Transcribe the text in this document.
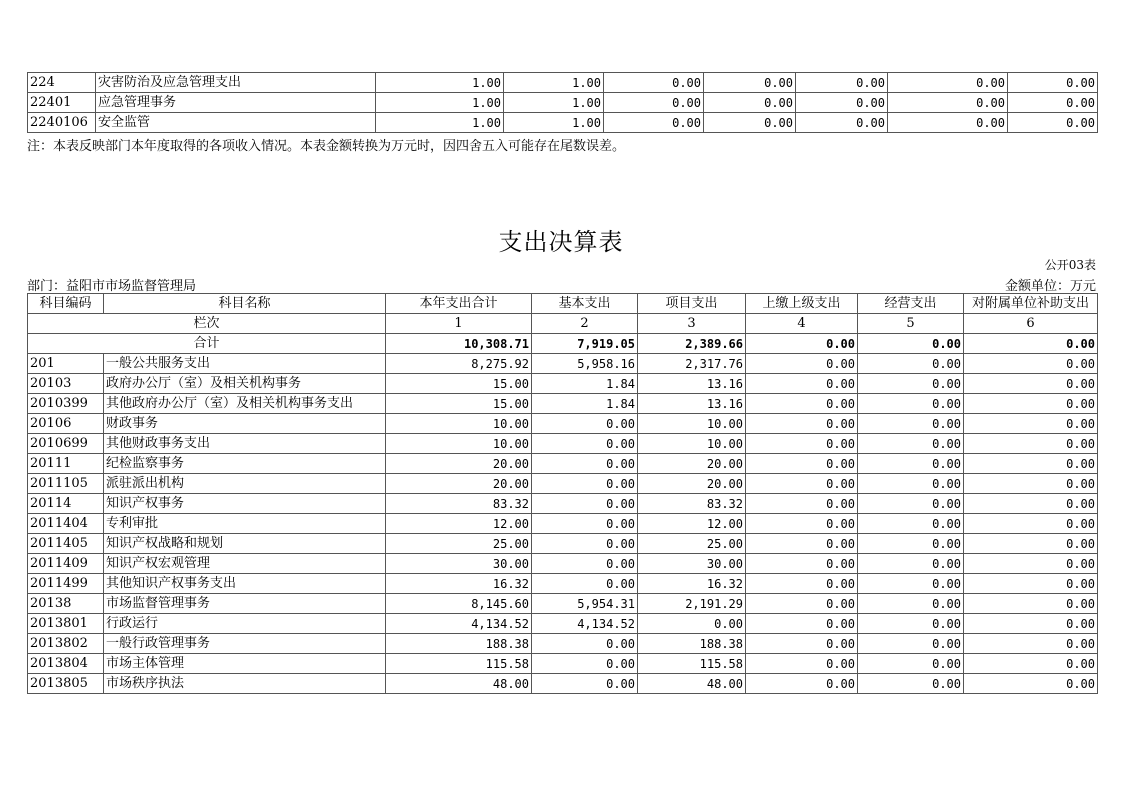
224	灾害防治及应急管理支出	1.00	1.00	0.00	0.00	0.00	0.00	0.00
22401	应急管理事务	1.00	1.00	0.00	0.00	0.00	0.00	0.00
2240106	安全监管	1.00	1.00	0.00	0.00	0.00	0.00	0.00
注：本表反映部门本年度取得的各项收入情况。本表金额转换为万元时，因四舍五入可能存在尾数误差。
支出决算表
公开03表
部门：益阳市市场监督管理局	金额单位：万元
科目编码	科目名称	本年支出合计	基本支出	项目支出	上缴上级支出	经营支出	对附属单位补助支出
栏次		1	2	3	4	5	6
合计		10,308.71	7,919.05	2,389.66	0.00	0.00	0.00
201	一般公共服务支出	8,275.92	5,958.16	2,317.76	0.00	0.00	0.00
20103	政府办公厅（室）及相关机构事务	15.00	1.84	13.16	0.00	0.00	0.00
2010399	其他政府办公厅（室）及相关机构事务支出	15.00	1.84	13.16	0.00	0.00	0.00
20106	财政事务	10.00	0.00	10.00	0.00	0.00	0.00
2010699	其他财政事务支出	10.00	0.00	10.00	0.00	0.00	0.00
20111	纪检监察事务	20.00	0.00	20.00	0.00	0.00	0.00
2011105	派驻派出机构	20.00	0.00	20.00	0.00	0.00	0.00
20114	知识产权事务	83.32	0.00	83.32	0.00	0.00	0.00
2011404	专利审批	12.00	0.00	12.00	0.00	0.00	0.00
2011405	知识产权战略和规划	25.00	0.00	25.00	0.00	0.00	0.00
2011409	知识产权宏观管理	30.00	0.00	30.00	0.00	0.00	0.00
2011499	其他知识产权事务支出	16.32	0.00	16.32	0.00	0.00	0.00
20138	市场监督管理事务	8,145.60	5,954.31	2,191.29	0.00	0.00	0.00
2013801	行政运行	4,134.52	4,134.52	0.00	0.00	0.00	0.00
2013802	一般行政管理事务	188.38	0.00	188.38	0.00	0.00	0.00
2013804	市场主体管理	115.58	0.00	115.58	0.00	0.00	0.00
2013805	市场秩序执法	48.00	0.00	48.00	0.00	0.00	0.00
